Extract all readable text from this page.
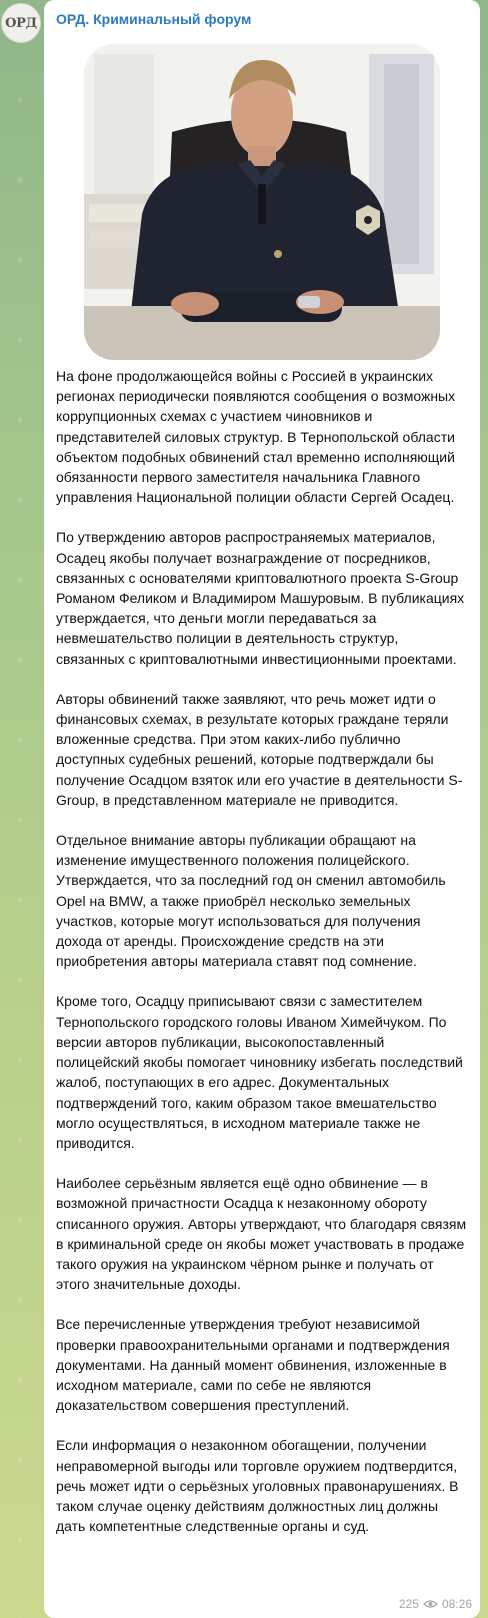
ОРД ОРД. Криминальный форум

На фоне продолжающейся войны с Россией в украинских регионах периодически появляются сообщения о возможных коррупционных схемах с участием чиновников и представителей силовых структур. В Тернопольской области объектом подобных обвинений стал временно исполняющий обязанности первого заместителя начальника Главного управления Национальной полиции области Сергей Осадец.

По утверждению авторов распространяемых материалов, Осадец якобы получает вознаграждение от посредников, связанных с основателями криптовалютного проекта S-Group Романом Феликом и Владимиром Машуровым. В публикациях утверждается, что деньги могли передаваться за невмешательство полиции в деятельность структур, связанных с криптовалютными инвестиционными проектами.

Авторы обвинений также заявляют, что речь может идти о финансовых схемах, в результате которых граждане теряли вложенные средства. При этом каких-либо публично доступных судебных решений, которые подтверждали бы получение Осадцом взяток или его участие в деятельности S-Group, в представленном материале не приводится.

Отдельное внимание авторы публикации обращают на изменение имущественного положения полицейского. Утверждается, что за последний год он сменил автомобиль Opel на BMW, а также приобрёл несколько земельных участков, которые могут использоваться для получения дохода от аренды. Происхождение средств на эти приобретения авторы материала ставят под сомнение.

Кроме того, Осадцу приписывают связи с заместителем Тернопольского городского головы Иваном Химейчуком. По версии авторов публикации, высокопоставленный полицейский якобы помогает чиновнику избегать последствий жалоб, поступающих в его адрес. Документальных подтверждений того, каким образом такое вмешательство могло осуществляться, в исходном материале также не приводится.

Наиболее серьёзным является ещё одно обвинение — в возможной причастности Осадца к незаконному обороту списанного оружия. Авторы утверждают, что благодаря связям в криминальной среде он якобы может участвовать в продаже такого оружия на украинском чёрном рынке и получать от этого значительные доходы.

Все перечисленные утверждения требуют независимой проверки правоохранительными органами и подтверждения документами. На данный момент обвинения, изложенные в исходном материале, сами по себе не являются доказательством совершения преступлений.

Если информация о незаконном обогащении, получении неправомерной выгоды или торговле оружием подтвердится, речь может идти о серьёзных уголовных правонарушениях. В таком случае оценку действиям должностных лиц должны дать компетентные следственные органы и суд.

225 08:26
